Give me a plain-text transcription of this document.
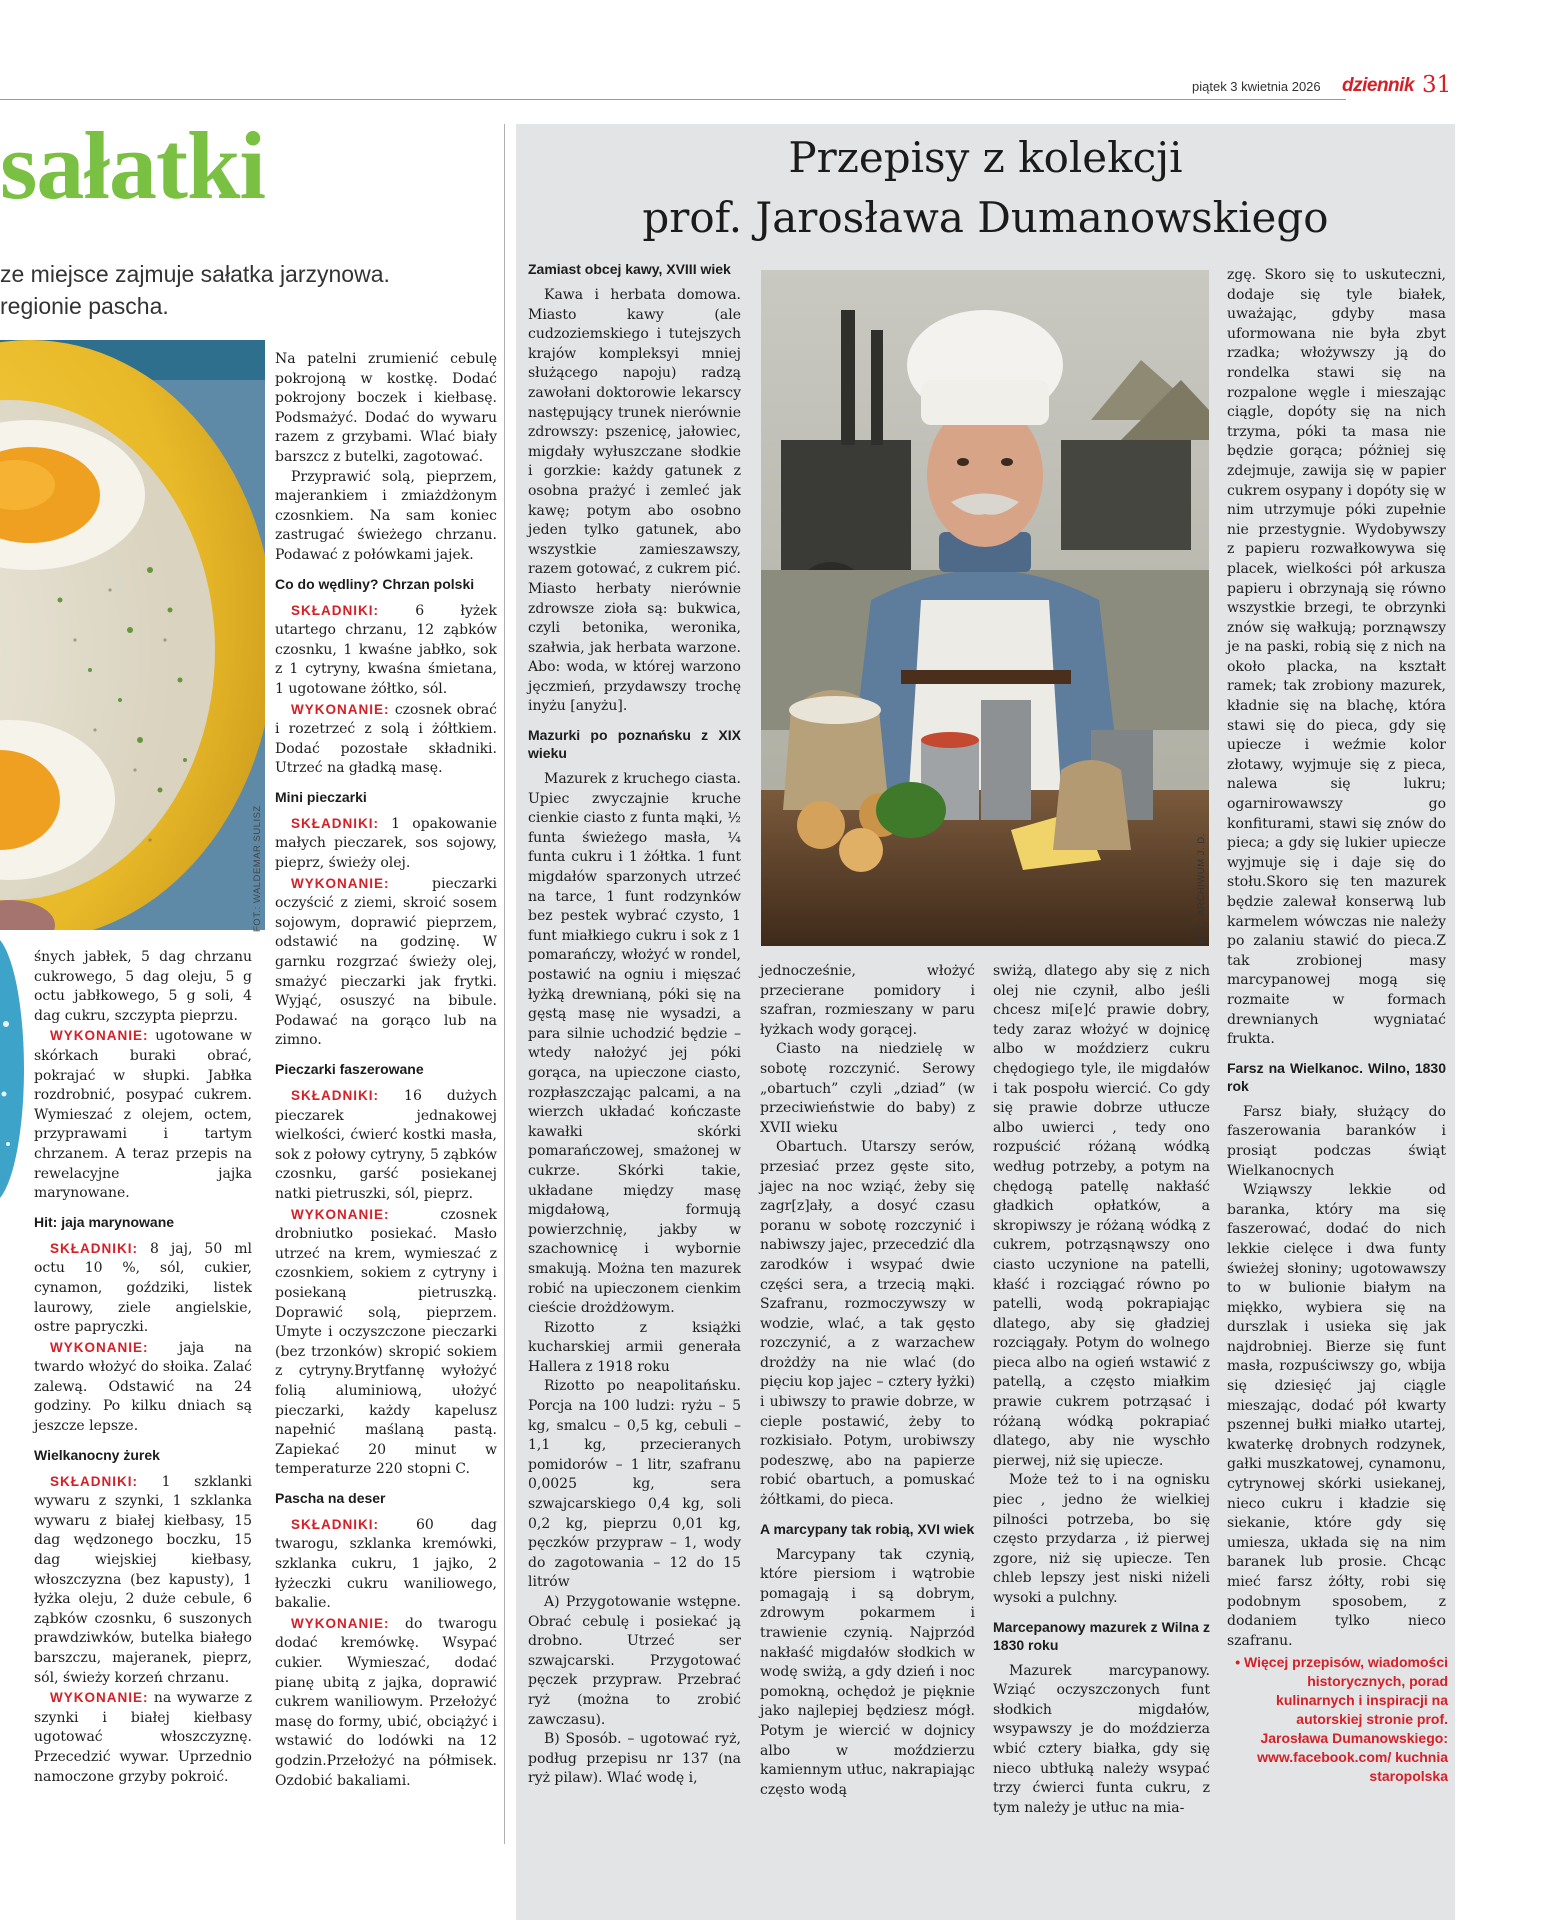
piątek 3 kwietnia 2026 dziennik 31
sałatki
ze miejsce zajmuje sałatka jarzynowa.
regionie pascha.
FOT.: WALDEMAR SULISZ

śnych jabłek, 5 dag chrzanu cukrowego, 5 dag oleju, 5 g octu jabłkowego, 5 g soli, 4 dag cukru, szczypta pieprzu.

WYKONANIE: ugotowane w skórkach buraki obrać, pokrajać w słupki. Jabłka rozdrobnić, posypać cukrem. Wymieszać z olejem, octem, przyprawami i tartym chrzanem. A teraz przepis na rewelacyjne jajka marynowane.

Hit: jaja marynowane

SKŁADNIKI: 8 jaj, 50 ml octu 10 %, sól, cukier, cynamon, goździki, listek laurowy, ziele angielskie, ostre papryczki.

WYKONANIE: jaja na twardo włożyć do słoika. Zalać zalewą. Odstawić na 24 godziny. Po kilku dniach są jeszcze lepsze.

Wielkanocny żurek

SKŁADNIKI: 1 szklanki wywaru z szynki, 1 szklanka wywaru z białej kiełbasy, 15 dag wędzonego boczku, 15 dag wiejskiej kiełbasy, włoszczyzna (bez kapusty), 1 łyżka oleju, 2 duże cebule, 6 ząbków czosnku, 6 suszonych prawdziwków, butelka białego barszczu, majeranek, pieprz, sól, świeży korzeń chrzanu.

WYKONANIE: na wywarze z szynki i białej kiełbasy ugotować włoszczyznę. Przecedzić wywar. Uprzednio namoczone grzyby pokroić.

Na patelni zrumienić cebulę pokrojoną w kostkę. Dodać pokrojony boczek i kiełbasę. Podsmażyć. Dodać do wywaru razem z grzybami. Wlać biały barszcz z butelki, zagotować.

Przyprawić solą, pieprzem, majerankiem i zmiażdżonym czosnkiem. Na sam koniec zastrugać świeżego chrzanu. Podawać z połówkami jajek.

Co do wędliny? Chrzan polski

SKŁADNIKI:	6 łyżek utartego chrzanu, 12 ząbków czosnku, 1 kwaśne jabłko, sok z 1 cytryny, kwaśna śmietana, 1 ugotowane żółtko, sól.

WYKONANIE: czosnek obrać i rozetrzeć z solą i żółtkiem. Dodać pozostałe składniki. Utrzeć na gładką masę.

Mini pieczarki

SKŁADNIKI: 1 opakowanie małych pieczarek, sos sojowy, pieprz, świeży olej.

WYKONANIE:	pieczarki oczyścić z ziemi, skroić sosem sojowym, doprawić pieprzem, odstawić na godzinę. W garnku rozgrzać świeży olej, smażyć pieczarki jak frytki. Wyjąć, osuszyć na bibule. Podawać na gorąco lub na zimno.

Pieczarki faszerowane

SKŁADNIKI: 16 dużych pieczarek jednakowej wielkości, ćwierć kostki masła, sok z połowy cytryny, 5 ząbków czosnku, garść posiekanej natki pietruszki, sól, pieprz.

WYKONANIE:	czosnek drobniutko posiekać. Masło utrzeć na krem, wymieszać z czosnkiem, sokiem z cytryny i posiekaną pietruszką. Doprawić solą, pieprzem. Umyte i oczyszczone pieczarki (bez trzonków) skropić sokiem z cytryny.Brytfannę wyłożyć folią aluminiową, ułożyć pieczarki, każdy kapelusz napełnić maślaną pastą. Zapiekać 20 minut w temperaturze 220 stopni C.

Pascha na deser

SKŁADNIKI:	60 dag twarogu, szklanka kremówki, szklanka cukru, 1 jajko, 2 łyżeczki cukru waniliowego, bakalie.

WYKONANIE: do twarogu dodać kremówkę. Wsypać cukier. Wymieszać, dodać pianę ubitą z jajka, doprawić cukrem waniliowym. Przełożyć masę do formy, ubić, obciążyć i wstawić do lodówki na 12 godzin.Przełożyć na półmisek. Ozdobić bakaliami.

Przepisy z kolekcji
prof. Jarosława Dumanowskiego
Zamiast obcej kawy, XVIII wiek

Kawa i herbata domowa. Miasto kawy (ale cudzoziemskiego i tutejszych krajów kompleksyi mniej służącego napoju) radzą zawołani doktorowie lekarscy następujący trunek nierównie zdrowszy: pszenicę, jałowiec, migdały wyłuszczane słodkie i gorzkie: każdy gatunek z osobna prażyć i zemleć jak kawę; potym abo osobno jeden tylko gatunek, abo wszystkie zamieszawszy, razem gotować, z cukrem pić. Miasto herbaty nierównie zdrowsze zioła są: bukwica, czyli betonika, weronika, szałwia, jak herbata warzone. Abo: woda, w której warzono jęczmień, przydawszy trochę inyżu [anyżu].

Mazurki po poznańsku z XIX wieku

Mazurek z kruchego ciasta. Upiec zwyczajnie kruche cienkie ciasto z funta mąki, ½ funta świeżego masła, ¼ funta cukru i 1 żółtka. 1 funt migdałów sparzonych utrzeć na tarce, 1 funt rodzynków bez pestek wybrać czysto, 1 funt miałkiego cukru i sok z 1 pomarańczy, włożyć w rondel, postawić na ogniu i mięszać łyżką drewnianą, póki się na gęstą masę nie wysadzi, a para silnie uchodzić będzie – wtedy nałożyć jej póki gorąca, na upieczone ciasto, rozpłaszczając palcami, a na wierzch układać kończaste kawałki skórki pomarańczowej, smażonej w cukrze. Skórki takie, układane między masę migdałową, formują powierzchnię, jakby w szachownicę i wybornie smakują. Można ten mazurek robić na upieczonem cienkim cieście drożdżowym.

Rizotto z książki kucharskiej armii generała Hallera z 1918 roku

Rizotto po neapolitańsku. Porcja na 100 ludzi: ryżu – 5 kg, smalcu – 0,5 kg, cebuli – 1,1 kg, przecieranych pomidorów – 1 litr, szafranu 0,0025 kg, sera szwajcarskiego 0,4 kg, soli 0,2 kg, pieprzu 0,01 kg, pęczków przypraw – 1, wody do zagotowania – 12 do 15 litrów

A) Przygotowanie wstępne. Obrać cebulę i posiekać ją drobno. Utrzeć ser szwajcarski. Przygotować pęczek przypraw. Przebrać ryż (można to zrobić zawczasu).

B) Sposób. – ugotować ryż, podług przepisu nr 137 (na ryż pilaw). Wlać wodę i,

FOT.: ARCHIWUM J. D.

jednocześnie, włożyć przecierane pomidory i szafran, rozmieszany w paru łyżkach wody gorącej.

Ciasto na niedzielę w sobotę rozczynić. Serowy „obartuch” czyli „dziad” (w przeciwieństwie do baby) z XVII wieku

Obartuch. Utarszy serów, przesiać przez gęste sito, jajec na noc wziąć, żeby się zagr[z]ały, a dosyć czasu poranu w sobotę rozczynić i nabiwszy jajec, przecedzić dla zarodków i wsypać dwie części sera, a trzecią mąki. Szafranu, rozmoczywszy w wodzie, wlać, a tak gęsto rozczynić, a z warzachew drożdży na nie wlać (do pięciu kop jajec – cztery łyżki) i ubiwszy to prawie dobrze, w cieple postawić, żeby to rozkisiało. Potym, urobiwszy podeszwę, abo na papierze robić obartuch, a pomuskać żółtkami, do pieca.

A marcypany tak robią, XVI wiek

Marcypany tak czynią, które piersiom i wątrobie pomagają i są dobrym, zdrowym pokarmem i trawienie czynią. Najprzód nakłaść migdałów słodkich w wodę swiżą, a gdy dzień i noc pomokną, ochędoż je pięknie jako najlepiej będziesz mógł. Potym je wiercić w dojnicy albo w moździerzu kamiennym utłuc, nakrapiając często wodą

swiżą, dlatego aby się z nich olej nie czynił, albo jeśli chcesz mi[e]ć prawie dobry, tedy zaraz włożyć w dojnicę albo w moździerz cukru chędogiego tyle, ile migdałów i tak pospołu wiercić. Co gdy się prawie dobrze utłucze albo uwierci , tedy ono rozpuścić różaną wódką według potrzeby, a potym na chędogą patellę nakłaść gładkich opłatków, a skropiwszy je różaną wódką z cukrem, potrząsnąwszy ono ciasto uczynione na patelli, kłaść i rozciągać równo po patelli, wodą pokrapiając dlatego, aby się gładziej rozciągały. Potym do wolnego pieca albo na ogień wstawić z patellą, a często miałkim prawie cukrem potrząsać i różaną wódką pokrapiać dlatego, aby nie wyschło pierwej, niż się upiecze.

Może też to i na ognisku piec , jedno że wielkiej pilności potrzeba, bo się często przydarza , iż pierwej zgore, niż się upiecze. Ten chleb lepszy jest niski niżeli wysoki a pulchny.

Marcepanowy mazurek z Wilna z 1830 roku

Mazurek marcypanowy. Wziąć oczyszczonych funt słodkich migdałów, wsypawszy je do moździerza wbić cztery białka, gdy się nieco ubtłuką należy wsypać trzy ćwierci funta cukru, z tym należy je utłuc na mia-

zgę. Skoro się to uskuteczni, dodaje się tyle białek, uważając, gdyby masa uformowana nie była zbyt rzadka; włożywszy ją do rondelka stawi się na rozpalone węgle i mieszając ciągle, dopóty się na nich trzyma, póki ta masa nie będzie gorąca; póżniej się zdejmuje, zawija się w papier cukrem osypany i dopóty się w nim utrzymuje póki zupełnie nie przestygnie. Wydobywszy z papieru rozwałkowywa się placek, wielkości pół arkusza papieru i obrzynają się równo wszystkie brzegi, te obrzynki znów się wałkują; porznąwszy je na paski, robią się z nich na około placka, na kształt ramek; tak zrobiony mazurek, kładnie się na blachę, która stawi się do pieca, gdy się upiecze i weźmie kolor złotawy, wyjmuje się z pieca, nalewa się lukru; ogarnirowawszy go konfiturami, stawi się znów do pieca; a gdy się lukier upiecze wyjmuje się i daje się do stołu.Skoro się ten mazurek będzie zalewał konserwą lub karmelem wówczas nie należy po zalaniu stawić do pieca.Z tak zrobionej masy marcypanowej mogą się rozmaite w formach drewnianych wygniatać frukta.

Farsz na Wielkanoc. Wilno, 1830 rok

Farsz biały, służący do faszerowania baranków i prosiąt podczas świąt Wielkanocnych

Wziąwszy lekkie od baranka, który ma się faszerować, dodać do nich lekkie cielęce i dwa funty świeżej słoniny; ugotowawszy to w bulionie białym na miękko, wybiera się na durszlak i usieka się jak najdrobniej. Bierze się funt masła, rozpuściwszy go, wbija się dziesięć jaj ciągle mieszając, dodać pół kwarty pszennej bułki miałko utartej, kwaterkę drobnych rodzynek, gałki muszkatowej, cynamonu, cytrynowej skórki usiekanej, nieco cukru i kładzie się siekanie, które gdy się umiesza, układa się na nim baranek lub prosie. Chcąc mieć farsz żółty, robi się podobnym sposobem, z dodaniem tylko nieco szafranu.

• Więcej przepisów, wiadomości historycznych, porad kulinarnych i inspiracji na autorskiej stronie prof. Jarosława Dumanowskiego: www.facebook.com/ kuchnia staropolska
